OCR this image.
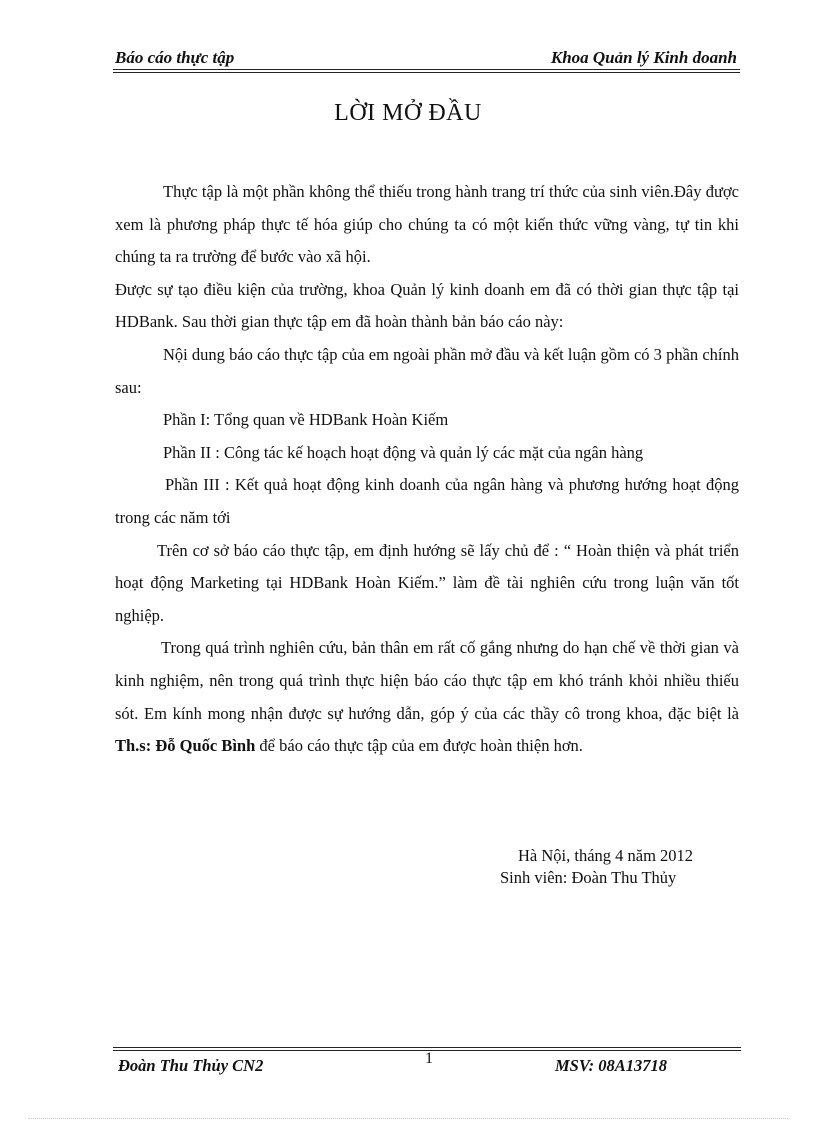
Báo cáo thực tập	Khoa Quản lý Kinh doanh
LỜI MỞ ĐẦU

Thực tập là một phần không thể thiếu trong hành trang trí thức của sinh viên.Đây được xem là phương pháp thực tế hóa giúp cho chúng ta có một kiến thức vững vàng, tự tin khi chúng ta ra trường để bước vào xã hội.

Được sự tạo điều kiện của trường, khoa Quản lý kinh doanh em đã có thời gian thực tập tại HDBank. Sau thời gian thực tập em đã hoàn thành bản báo cáo này:

Nội dung báo cáo thực tập của em ngoài phần mở đầu và kết luận gồm có 3 phần chính sau:

Phần I: Tổng quan về HDBank Hoàn Kiếm

Phần II : Công tác kế hoạch hoạt động và quản lý các mặt của ngân hàng

Phần III : Kết quả hoạt động kinh doanh của ngân hàng và phương hướng hoạt động trong các năm tới

Trên cơ sở báo cáo thực tập, em định hướng sẽ lấy chủ để : “ Hoàn thiện và phát triển hoạt động Marketing tại HDBank Hoàn Kiếm.” làm đề tài nghiên cứu trong luận văn tốt nghiệp.

Trong quá trình nghiên cứu, bản thân em rất cố gắng nhưng do hạn chế về thời gian và kinh nghiệm, nên trong quá trình thực hiện báo cáo thực tập em khó tránh khỏi nhiều thiếu sót. Em kính mong nhận được sự hướng dẫn, góp ý của các thầy cô trong khoa, đặc biệt là Th.s: Đỗ Quốc Bình để báo cáo thực tập của em được hoàn thiện hơn.

Hà Nội, tháng 4 năm 2012
Sinh viên: Đoàn Thu Thủy
Đoàn Thu Thủy CN2	1	MSV: 08A13718
